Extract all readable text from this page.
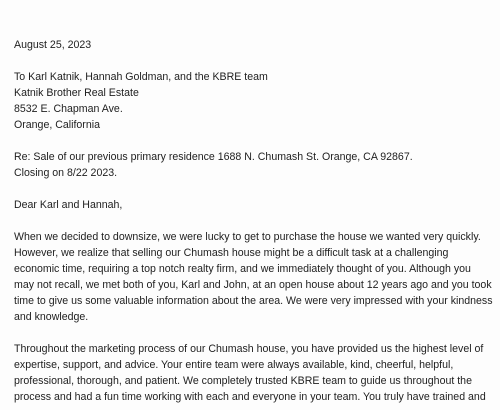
August 25, 2023
To Karl Katnik, Hannah Goldman, and the KBRE team
Katnik Brother Real Estate
8532 E. Chapman Ave.
Orange, California
Re: Sale of our previous primary residence 1688 N. Chumash St. Orange, CA 92867.
Closing on 8/22 2023.
Dear Karl and Hannah,
When we decided to downsize, we were lucky to get to purchase the house we wanted very quickly.
However, we realize that selling our Chumash house might be a difficult task at a challenging
economic time, requiring a top notch realty firm, and we immediately thought of you. Although you
may not recall, we met both of you, Karl and John, at an open house about 12 years ago and you took
time to give us some valuable information about the area. We were very impressed with your kindness
and knowledge.
Throughout the marketing process of our Chumash house, you have provided us the highest level of
expertise, support, and advice. Your entire team were always available, kind, cheerful, helpful,
professional, thorough, and patient. We completely trusted KBRE team to guide us throughout the
process and had a fun time working with each and everyone in your team. You truly have trained and
